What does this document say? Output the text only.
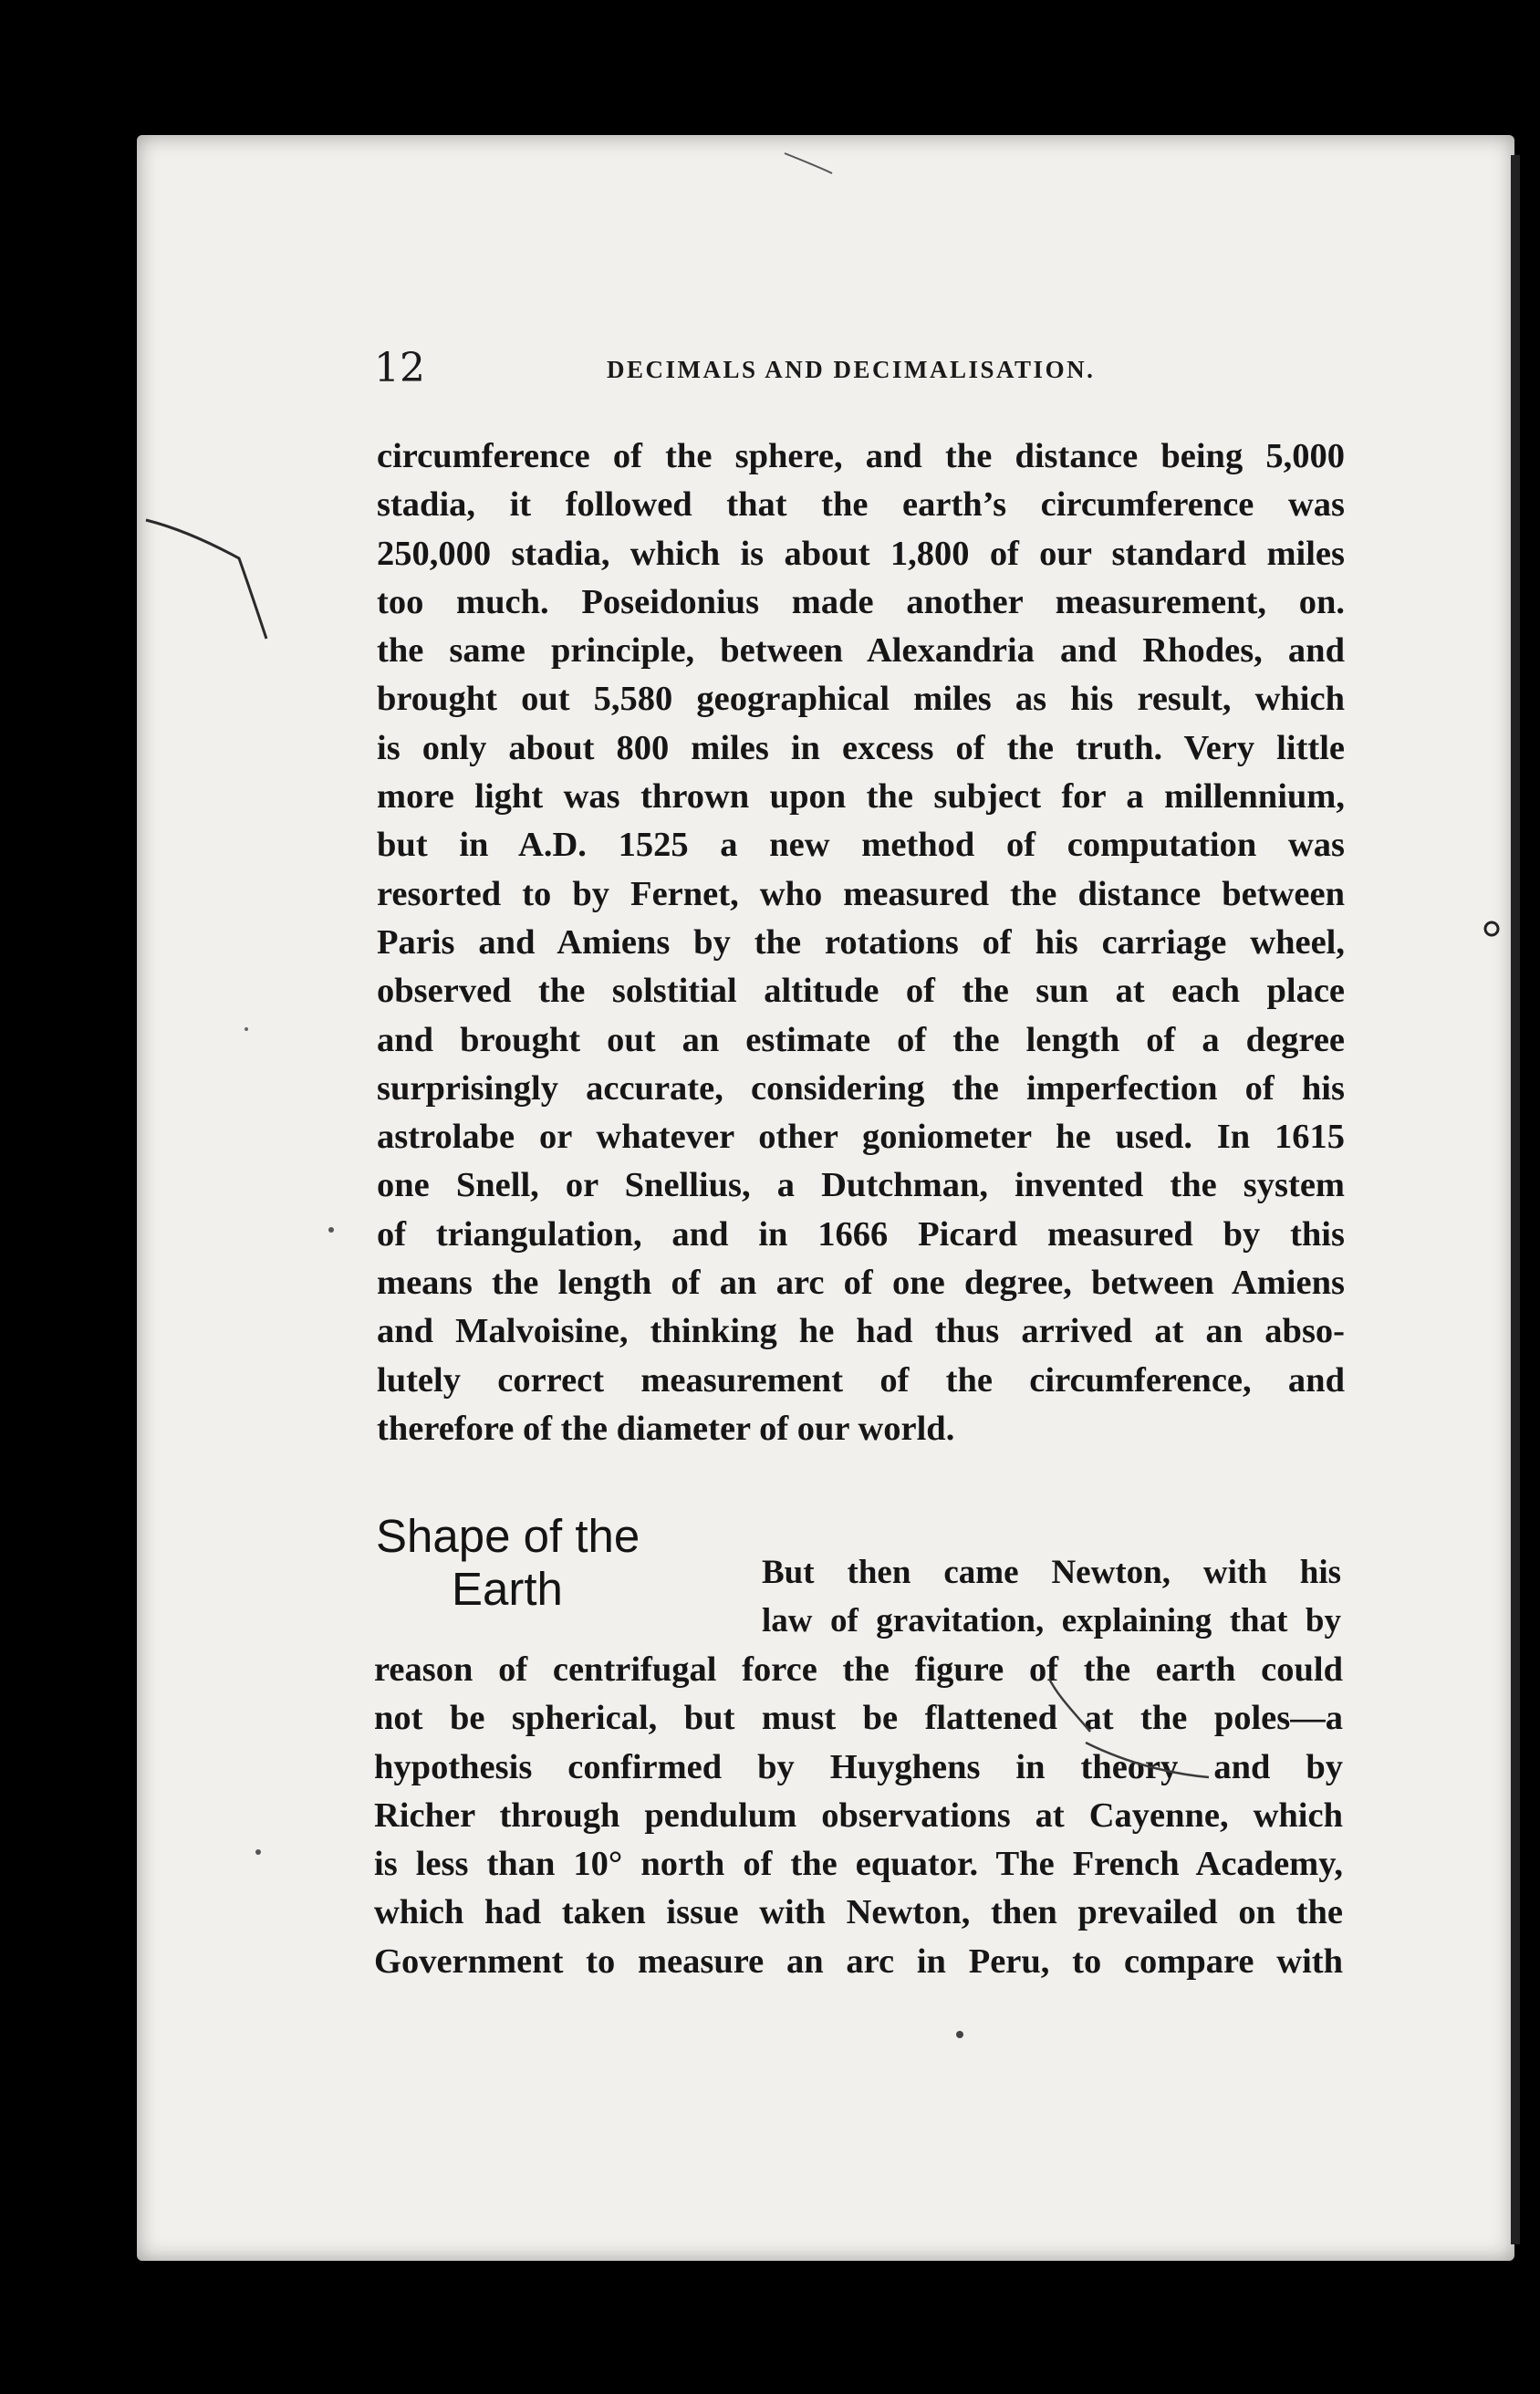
12	DECIMALS AND DECIMALISATION.
circumference of the sphere, and the distance being 5,000
stadia, it followed that the earth’s circumference was
250,000 stadia, which is about 1,800 of our standard miles
too much. Poseidonius made another measurement, on.
the same principle, between Alexandria and Rhodes, and
brought out 5,580 geographical miles as his result, which
is only about 800 miles in excess of the truth. Very little
more light was thrown upon the subject for a millennium,
but in A.D. 1525 a new method of computation was
resorted to by Fernet, who measured the distance between
Paris and Amiens by the rotations of his carriage wheel,
observed the solstitial altitude of the sun at each place
and brought out an estimate of the length of a degree
surprisingly accurate, considering the imperfection of his
astrolabe or whatever other goniometer he used. In 1615
one Snell, or Snellius, a Dutchman, invented the system
of triangulation, and in 1666 Picard measured by this
means the length of an arc of one degree, between Amiens
and Malvoisine, thinking he had thus arrived at an abso-
lutely correct measurement of the circumference, and
therefore of the diameter of our world.
Shape of the
Earth	But then came Newton, with his
law of gravitation, explaining that by
reason of centrifugal force the figure of the earth could
not be spherical, but must be flattened at the poles—a
hypothesis confirmed by Huyghens in theory and by
Richer through pendulum observations at Cayenne, which
is less than 10° north of the equator. The French Academy,
which had taken issue with Newton, then prevailed on the
Government to measure an arc in Peru, to compare with
